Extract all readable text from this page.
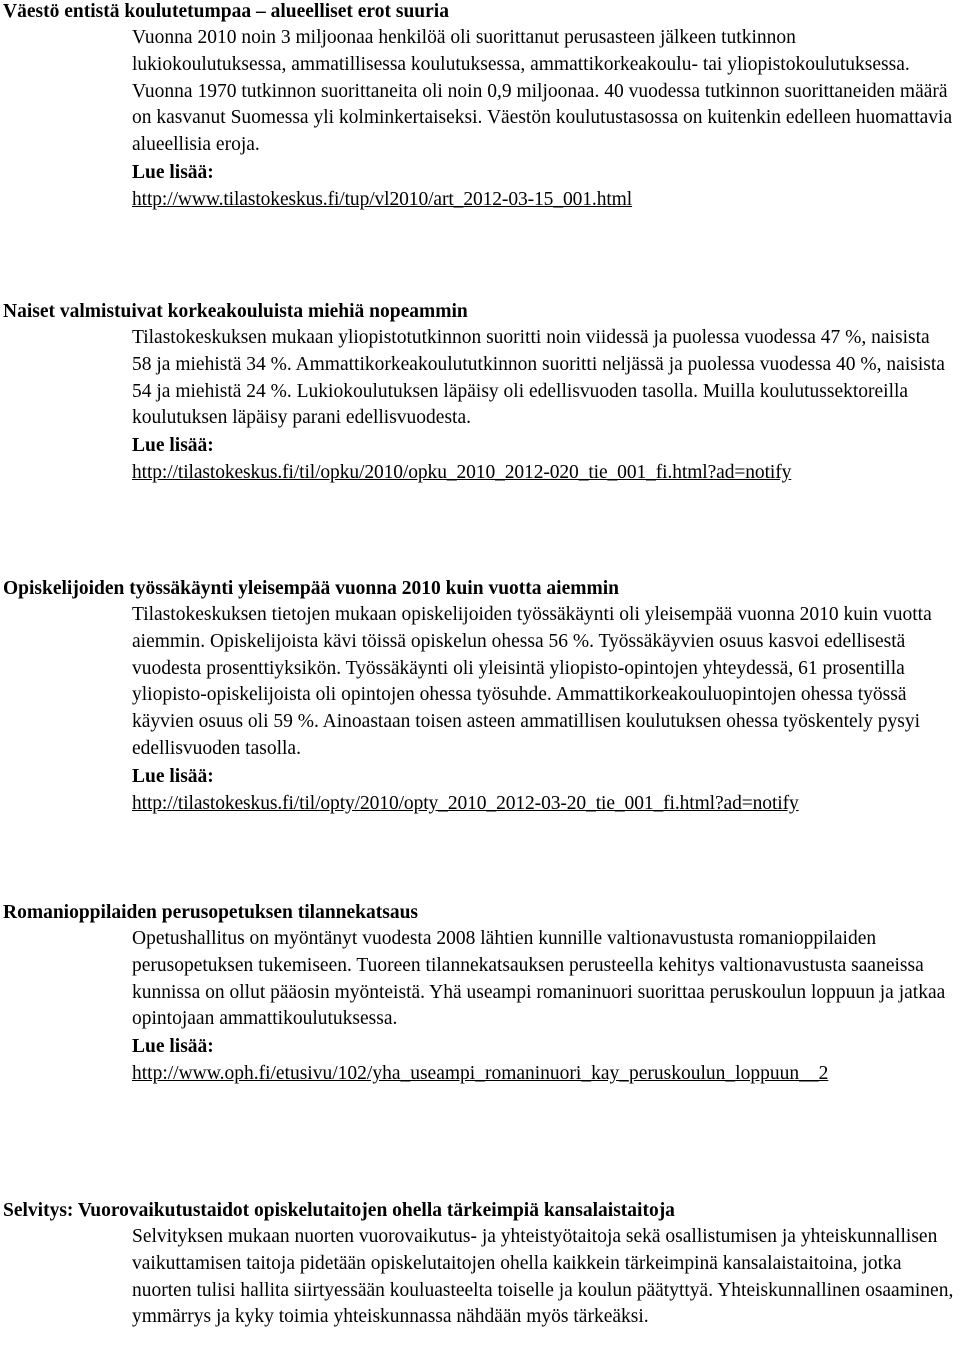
Väestö entistä koulutetumpaa – alueelliset erot suuria

Vuonna 2010 noin 3 miljoonaa henkilöä oli suorittanut perusasteen jälkeen tutkinnon lukiokoulutuksessa, ammatillisessa koulutuksessa, ammattikorkeakoulu- tai yliopistokoulutuksessa. Vuonna 1970 tutkinnon suorittaneita oli noin 0,9 miljoonaa. 40 vuodessa tutkinnon suorittaneiden määrä on kasvanut Suomessa yli kolminkertaiseksi. Väestön koulutustasossa on kuitenkin edelleen huomattavia alueellisia eroja.

Lue lisää:
http://www.tilastokeskus.fi/tup/vl2010/art_2012-03-15_001.html
Naiset valmistuivat korkeakouluista miehiä nopeammin

Tilastokeskuksen mukaan yliopistotutkinnon suoritti noin viidessä ja puolessa vuodessa 47 %, naisista 58 ja miehistä 34 %. Ammattikorkeakoulututkinnon suoritti neljässä ja puolessa vuodessa 40 %, naisista 54 ja miehistä 24 %. Lukiokoulutuksen läpäisy oli edellisvuoden tasolla. Muilla koulutussektoreilla koulutuksen läpäisy parani edellisvuodesta.

Lue lisää:
http://tilastokeskus.fi/til/opku/2010/opku_2010_2012-020_tie_001_fi.html?ad=notify
Opiskelijoiden työssäkäynti yleisempää vuonna 2010 kuin vuotta aiemmin

Tilastokeskuksen tietojen mukaan opiskelijoiden työssäkäynti oli yleisempää vuonna 2010 kuin vuotta aiemmin. Opiskelijoista kävi töissä opiskelun ohessa 56 %. Työssäkäyvien osuus kasvoi edellisestä vuodesta prosenttiyksikön. Työssäkäynti oli yleisintä yliopisto-opintojen yhteydessä, 61 prosentilla yliopisto-opiskelijoista oli opintojen ohessa työsuhde. Ammattikorkeakouluopintojen ohessa työssä käyvien osuus oli 59 %. Ainoastaan toisen asteen ammatillisen koulutuksen ohessa työskentely pysyi edellisvuoden tasolla.

Lue lisää:
http://tilastokeskus.fi/til/opty/2010/opty_2010_2012-03-20_tie_001_fi.html?ad=notify
Romanioppilaiden perusopetuksen tilannekatsaus

Opetushallitus on myöntänyt vuodesta 2008 lähtien kunnille valtionavustusta romanioppilaiden perusopetuksen tukemiseen. Tuoreen tilannekatsauksen perusteella kehitys valtionavustusta saaneissa kunnissa on ollut pääosin myönteistä. Yhä useampi romaninuori suorittaa peruskoulun loppuun ja jatkaa opintojaan ammattikoulutuksessa.

Lue lisää:
http://www.oph.fi/etusivu/102/yha_useampi_romaninuori_kay_peruskoulun_loppuun__2
Selvitys: Vuorovaikutustaidot opiskelutaitojen ohella tärkeimpiä kansalaistaitoja

Selvityksen mukaan nuorten vuorovaikutus- ja yhteistyötaitoja sekä osallistumisen ja yhteiskunnallisen vaikuttamisen taitoja pidetään opiskelutaitojen ohella kaikkein tärkeimpinä kansalaistaitoina, jotka nuorten tulisi hallita siirtyessään kouluasteelta toiselle ja koulun päätyttyä. Yhteiskunnallinen osaaminen, ymmärrys ja kyky toimia yhteiskunnassa nähdään myös tärkeäksi.
